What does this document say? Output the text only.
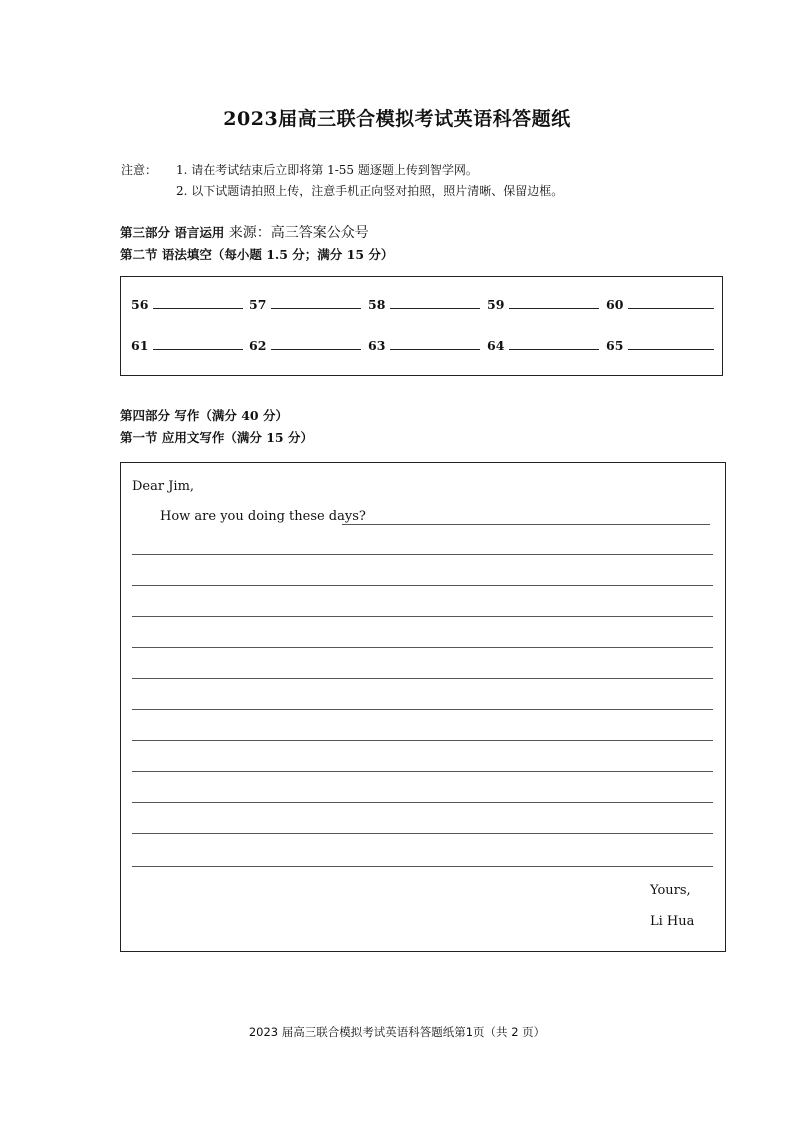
2023届高三联合模拟考试英语科答题纸
注意： 1. 请在考试结束后立即将第 1-55 题逐题上传到智学网。
2. 以下试题请拍照上传，注意手机正向竖对拍照，照片清晰、保留边框。
第三部分 语言运用 来源：高三答案公众号
第二节 语法填空（每小题 1.5 分；满分 15 分）
56	57	58	59	60
61	62	63	64	65
第四部分 写作（满分 40 分）
第一节 应用文写作（满分 15 分）
Dear Jim,
How are you doing these days?
Yours,
Li Hua
2023 届高三联合模拟考试英语科答题纸第1页（共 2 页）
